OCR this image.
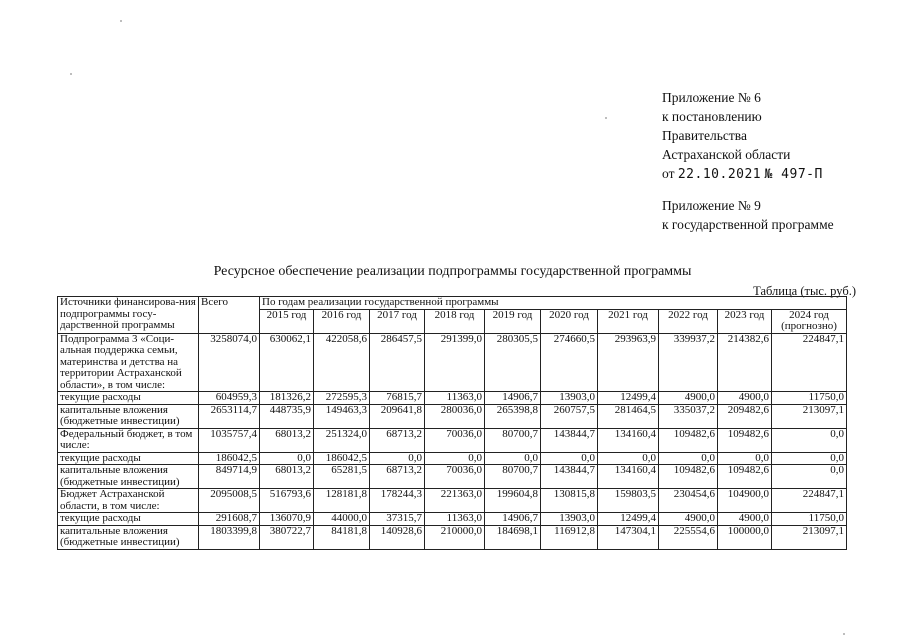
Приложение № 6
к постановлению
Правительства
Астраханской области
от 22.10.2021 № 497-П
Приложение № 9
к государственной программе
Ресурсное обеспечение реализации подпрограммы государственной программы
Таблица (тыс. руб.)
Источники финансирова-ния подпрограммы госу-дарственной программы	Всего	По годам реализации государственной программы									
		2015 год	2016 год	2017 год	2018 год	2019 год	2020 год	2021 год	2022 год	2023 год	2024 год (прогнозно)
Подпрограмма 3 «Соци-альная поддержка семьи, материнства и детства на территории Астраханской области», в том числе:	3258074,0	630062,1	422058,6	286457,5	291399,0	280305,5	274660,5	293963,9	339937,2	214382,6	224847,1
текущие расходы	604959,3	181326,2	272595,3	76815,7	11363,0	14906,7	13903,0	12499,4	4900,0	4900,0	11750,0
капитальные вложения (бюджетные инвестиции)	2653114,7	448735,9	149463,3	209641,8	280036,0	265398,8	260757,5	281464,5	335037,2	209482,6	213097,1
Федеральный бюджет, в том числе:	1035757,4	68013,2	251324,0	68713,2	70036,0	80700,7	143844,7	134160,4	109482,6	109482,6	0,0
текущие расходы	186042,5	0,0	186042,5	0,0	0,0	0,0	0,0	0,0	0,0	0,0	0,0
капитальные вложения (бюджетные инвестиции)	849714,9	68013,2	65281,5	68713,2	70036,0	80700,7	143844,7	134160,4	109482,6	109482,6	0,0
Бюджет Астраханской области, в том числе:	2095008,5	516793,6	128181,8	178244,3	221363,0	199604,8	130815,8	159803,5	230454,6	104900,0	224847,1
текущие расходы	291608,7	136070,9	44000,0	37315,7	11363,0	14906,7	13903,0	12499,4	4900,0	4900,0	11750,0
капитальные вложения (бюджетные инвестиции)	1803399,8	380722,7	84181,8	140928,6	210000,0	184698,1	116912,8	147304,1	225554,6	100000,0	213097,1
